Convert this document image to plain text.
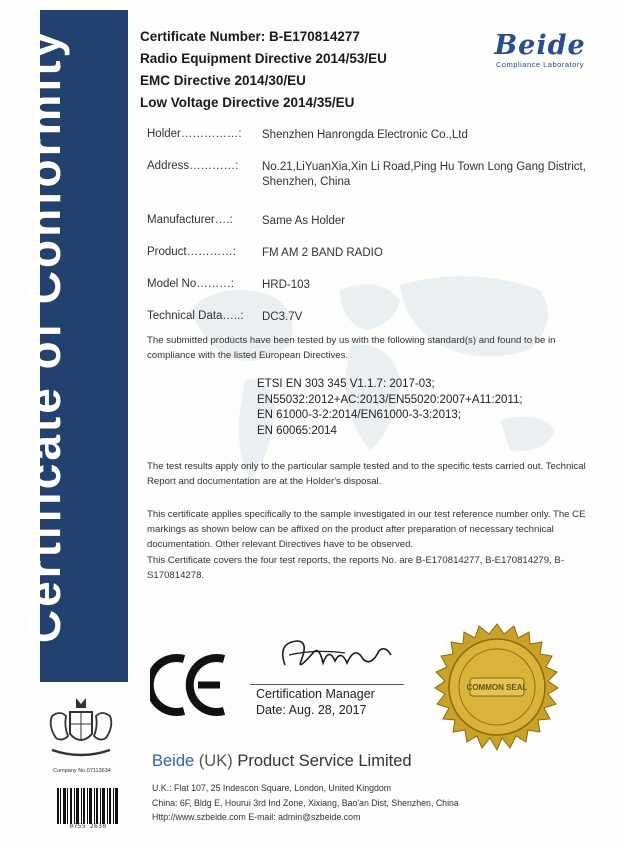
Certificate of Conformity	Certificate Number: B-E170814277
Radio Equipment Directive 2014/53/EU
EMC Directive 2014/30/EU
Low Voltage Directive 2014/35/EU
Beide
Compliance Laboratory
Holder……………:	Shenzhen Hanrongda Electronic Co.,Ltd
Address…………:	No.21,LiYuanXia,Xin Li Road,Ping Hu Town Long Gang District, Shenzhen, China
Manufacturer….:	Same As Holder
Product…………:	FM AM 2 BAND RADIO
Model No………:	HRD-103
Technical Data…..:	DC3.7V
The submitted products have been tested by us with the following standard(s) and found to be in compliance with the listed European Directives.
ETSI EN 303 345 V1.1.7: 2017-03;
EN55032:2012+AC:2013/EN55020:2007+A11:2011;
EN 61000-3-2:2014/EN61000-3-3:2013;
EN 60065:2014
The test results apply only to the particular sample tested and to the specific tests carried out. Technical Report and documentation are at the Holder's disposal.
This certificate applies specifically to the sample investigated in our test reference number only. The CE markings as shown below can be affixed on the product after preparation of necessary technical documentation. Other relevant Directives have to be observed.
This Certificate covers the four test reports, the reports No. are B-E170814277, B-E170814279, B-S170814278.
Certification Manager
Date: Aug. 28, 2017
COMMON SEAL
Company No.07113634
0755 2630
Beide (UK) Product Service Limited
U.K.: Flat 107, 25 Indescon Square, London, United Kingdom
China: 6F, Bldg E, Hourui 3rd Ind Zone, Xixiang, Bao'an Dist, Shenzhen, China
Http://www.szbeide.com E-mail: admin@szbeide.com
